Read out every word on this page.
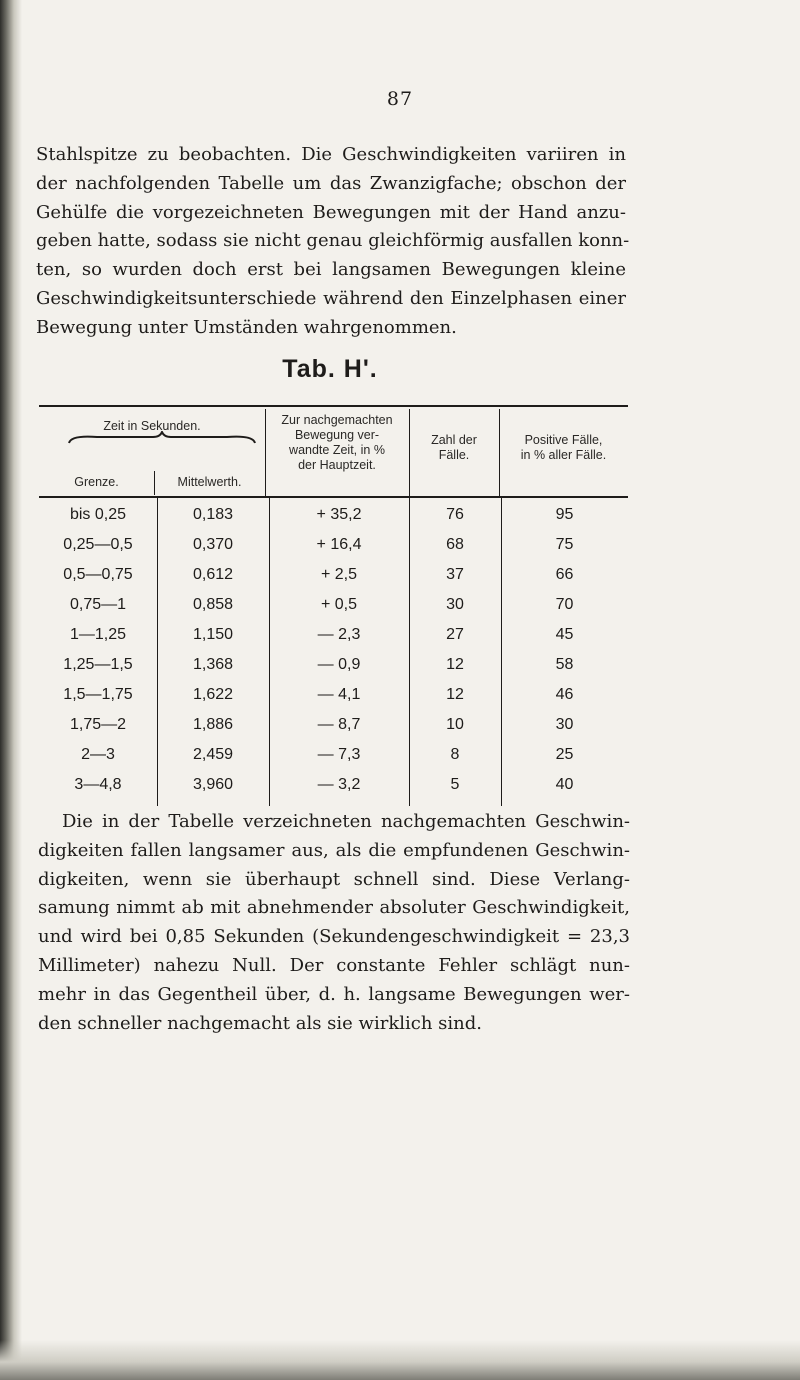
87

Stahlspitze zu beobachten. Die Geschwindigkeiten variiren in
der nachfolgenden Tabelle um das Zwanzigfache; obschon der
Gehülfe die vorgezeichneten Bewegungen mit der Hand anzu-
geben hatte, sodass sie nicht genau gleichförmig ausfallen konn-
ten, so wurden doch erst bei langsamen Bewegungen kleine
Geschwindigkeitsunterschiede während den Einzelphasen einer
Bewegung unter Umständen wahrgenommen.

Tab. H'.
Zeit in Sekunden.
Grenze.	Mittelwerth.
Zur nachgemachten
Bewegung ver-
wandte Zeit, in %
der Hauptzeit.
Zahl der
Fälle.
Positive Fälle,
in % aller Fälle.
bis 0,25	0,183	+ 35,2	76	95
0,25—0,5	0,370	+ 16,4	68	75
0,5—0,75	0,612	+ 2,5	37	66
0,75—1	0,858	+ 0,5	30	70
1—1,25	1,150	— 2,3	27	45
1,25—1,5	1,368	— 0,9	12	58
1,5—1,75	1,622	— 4,1	12	46
1,75—2	1,886	— 8,7	10	30
2—3	2,459	— 7,3	8	25
3—4,8	3,960	— 3,2	5	40

Die in der Tabelle verzeichneten nachgemachten Geschwin-
digkeiten fallen langsamer aus, als die empfundenen Geschwin-
digkeiten, wenn sie überhaupt schnell sind. Diese Verlang-
samung nimmt ab mit abnehmender absoluter Geschwindigkeit,
und wird bei 0,85 Sekunden (Sekundengeschwindigkeit = 23,3
Millimeter) nahezu Null. Der constante Fehler schlägt nun-
mehr in das Gegentheil über, d. h. langsame Bewegungen wer-
den schneller nachgemacht als sie wirklich sind.
